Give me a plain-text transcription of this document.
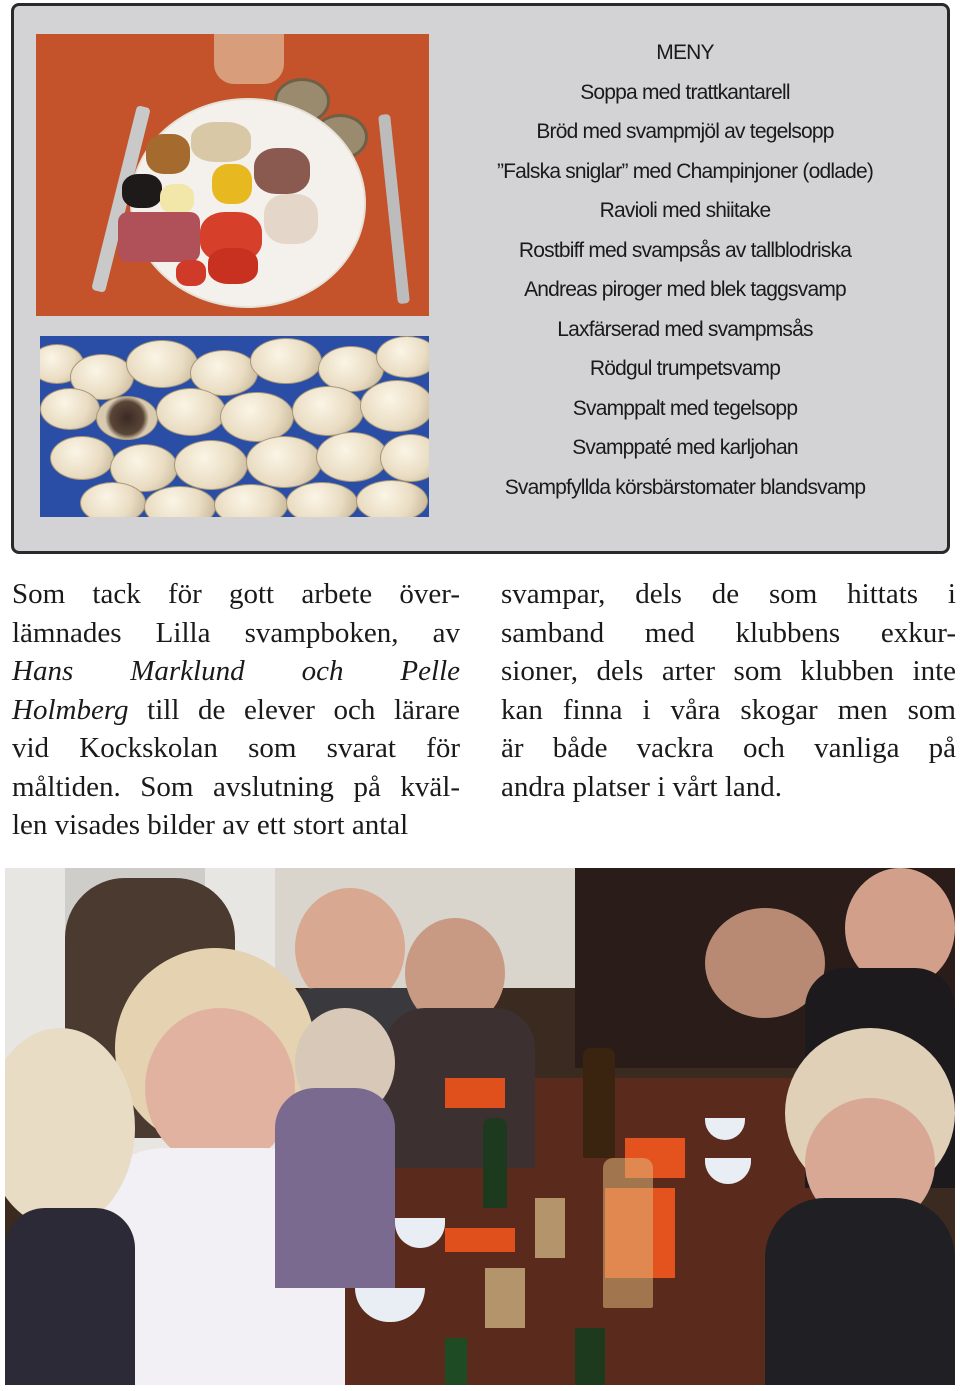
MENY
Soppa med trattkantarell
Bröd med svampmjöl av tegelsopp
”Falska sniglar” med Champinjoner (odlade)
Ravioli med shiitake
Rostbiff med svampsås av tallblodriska
Andreas piroger med blek taggsvamp
Laxfärserad med svampmsås
Rödgul trumpetsvamp
Svamppalt med tegelsopp
Svamppaté med karljohan
Svampfyllda körsbärstomater blandsvamp
Som tack för gott arbete över-
lämnades Lilla svampboken, av
Hans Marklund och Pelle
Holmberg till de elever och lärare
vid Kockskolan som svarat för
måltiden. Som avslutning på kväl-
len visades bilder av ett stort antal
svampar, dels de som hittats i
samband med klubbens exkur-
sioner, dels arter som klubben inte
kan finna i våra skogar men som
är både vackra och vanliga på
andra platser i vårt land.
